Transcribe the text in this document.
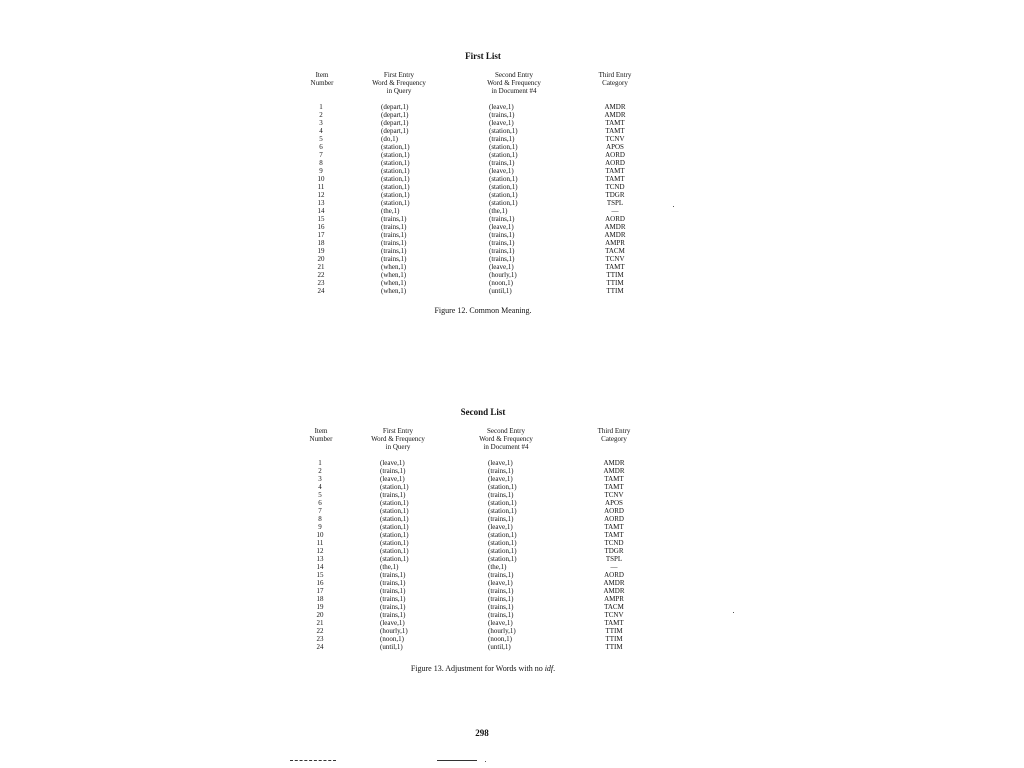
First List
Item
Number
First Entry
Word & Frequency
in Query
Second Entry
Word & Frequency
in Document #4
Third Entry
Category
1	(depart,1)	(leave,1)	AMDR
2	(depart,1)	(trains,1)	AMDR
3	(depart,1)	(leave,1)	TAMT
4	(depart,1)	(station,1)	TAMT
5	(do,1)	(trains,1)	TCNV
6	(station,1)	(station,1)	APOS
7	(station,1)	(station,1)	AORD
8	(station,1)	(trains,1)	AORD
9	(station,1)	(leave,1)	TAMT
10	(station,1)	(station,1)	TAMT
11	(station,1)	(station,1)	TCND
12	(station,1)	(station,1)	TDGR
13	(station,1)	(station,1)	TSPL
14	(the,1)	(the,1)	—
15	(trains,1)	(trains,1)	AORD
16	(trains,1)	(leave,1)	AMDR
17	(trains,1)	(trains,1)	AMDR
18	(trains,1)	(trains,1)	AMPR
19	(trains,1)	(trains,1)	TACM
20	(trains,1)	(trains,1)	TCNV
21	(when,1)	(leave,1)	TAMT
22	(when,1)	(hourly,1)	TTIM
23	(when,1)	(noon,1)	TTIM
24	(when,1)	(until,1)	TTIM
Figure 12. Common Meaning.
Second List
Item
Number
First Entry
Word & Frequency
in Query
Second Entry
Word & Frequency
in Document #4
Third Entry
Category
1	(leave,1)	(leave,1)	AMDR
2	(trains,1)	(trains,1)	AMDR
3	(leave,1)	(leave,1)	TAMT
4	(station,1)	(station,1)	TAMT
5	(trains,1)	(trains,1)	TCNV
6	(station,1)	(station,1)	APOS
7	(station,1)	(station,1)	AORD
8	(station,1)	(trains,1)	AORD
9	(station,1)	(leave,1)	TAMT
10	(station,1)	(station,1)	TAMT
11	(station,1)	(station,1)	TCND
12	(station,1)	(station,1)	TDGR
13	(station,1)	(station,1)	TSPL
14	(the,1)	(the,1)	—
15	(trains,1)	(trains,1)	AORD
16	(trains,1)	(leave,1)	AMDR
17	(trains,1)	(trains,1)	AMDR
18	(trains,1)	(trains,1)	AMPR
19	(trains,1)	(trains,1)	TACM
20	(trains,1)	(trains,1)	TCNV
21	(leave,1)	(leave,1)	TAMT
22	(hourly,1)	(hourly,1)	TTIM
23	(noon,1)	(noon,1)	TTIM
24	(until,1)	(until,1)	TTIM
Figure 13. Adjustment for Words with no idf.
298
